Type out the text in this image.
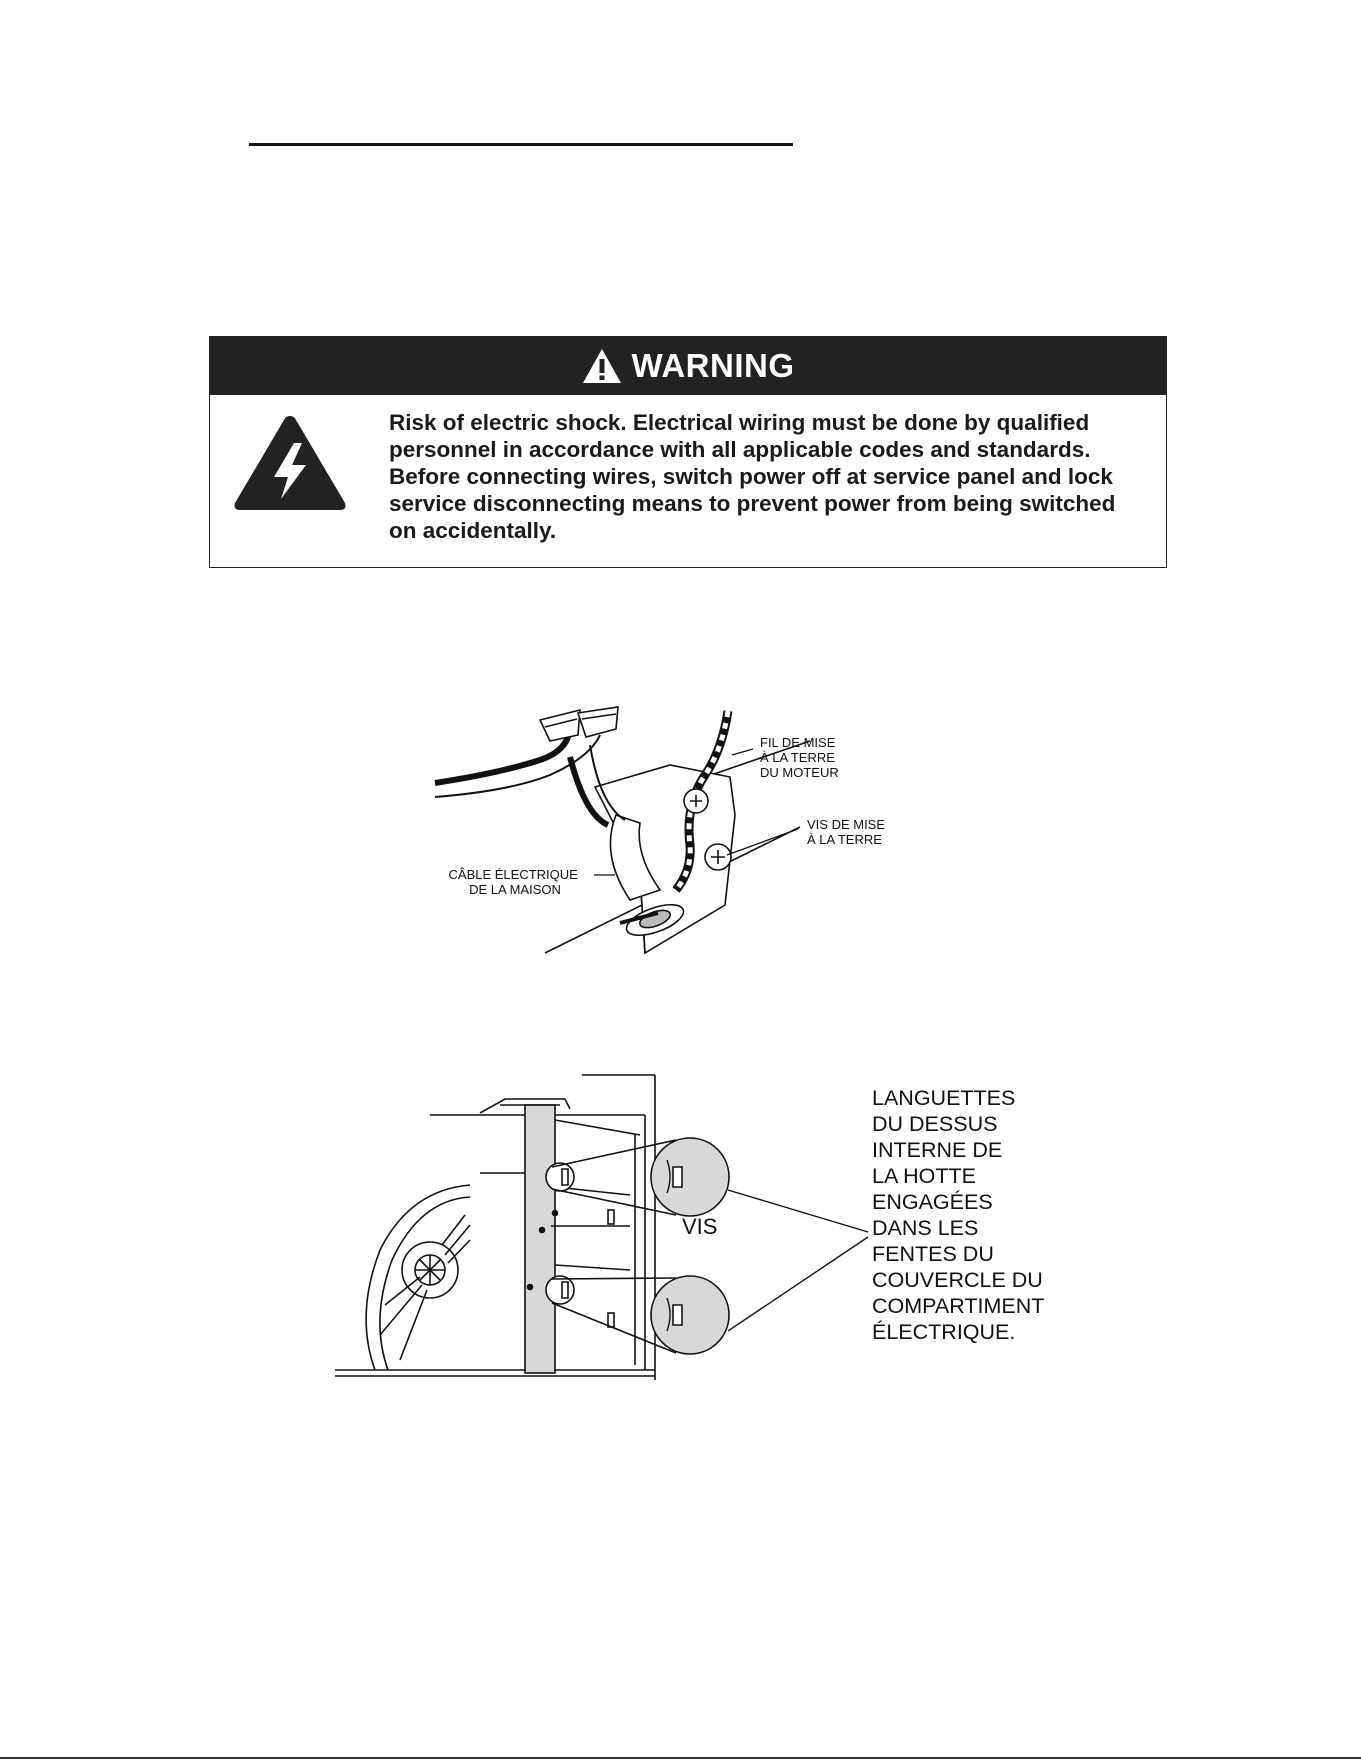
WARNING
Risk of electric shock. Electrical wiring must be done by qualified personnel in accordance with all applicable codes and standards. Before connecting wires, switch power off at service panel and lock service disconnecting means to prevent power from being switched on accidentally.
FIL DE MISE À LA TERRE DU MOTEUR
VIS DE MISE À LA TERRE
CÂBLE ÉLECTRIQUE DE LA MAISON
VIS
LANGUETTES DU DESSUS INTERNE DE LA HOTTE ENGAGÉES DANS LES FENTES DU COUVERCLE DU COMPARTIMENT ÉLECTRIQUE.
